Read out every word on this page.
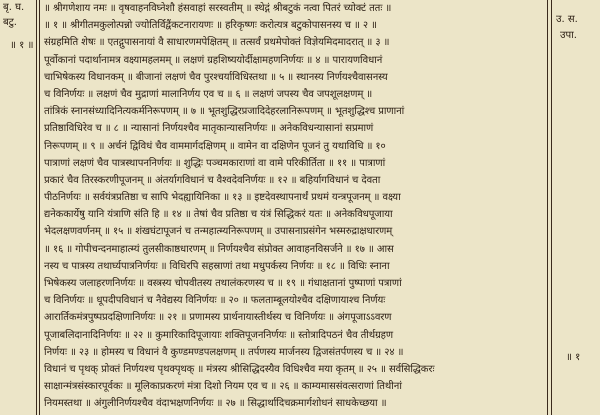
बृ. घ.
बटु.
॥ १ ॥
॥ श्रीगणेशाय नमः ॥ वृषवाहनविघ्नेशौ हंसवाहां सरस्वतीम् ॥ स्थेद्गं श्रीबटुकं नत्वा पितरं च्योक्टं ततः ॥
॥ १ ॥ श्रीगीतमकुलोत्पन्नो ज्योतिर्विद्वैंकटनारायणः ॥ हरिकृष्णः करोत्यत्र बटुकोपासनस्य च ॥ २ ॥
संग्रहमिति शेषः ॥ एतद्गुपासनायां वै साधारणमपेक्षितम् ॥ तत्सर्वं प्रथमेपोक्तं विज्ञेयमिदमादरात् ॥ ३ ॥
पूर्वोकानां पदार्थानामत्र वक्ष्यामहलमम् ॥ लक्षणं ग्रहशिष्ययोर्दीक्षामहणनिर्णयः ॥ ४ ॥ पारायणविधानं
चाभिषेकस्य विधानकम् ॥ बीजानां लक्षणं चैव पुरश्चर्याविधिस्तथा ॥ ५ ॥ स्थानस्य निर्णयश्चैवासनस्य
च विनिर्णयः ॥ लक्षणं चैव मुद्राणां मालानिर्णय एव च ॥ ६ ॥ लक्षणं जपस्य चैव जपशूलक्षणम् ॥
तांत्रिकं स्नानसंध्यादिनित्यकर्मनिरूपणम् ॥ ७ ॥ भूतशुद्धिरप्रजादिदेहरलानिरूपणम् ॥ भूतशुद्धिश्च प्राणानां
प्रतिष्ठाविधिरेव च ॥ ८ ॥ न्यासानां निर्णयश्चैव मातृकान्यासनिर्णयः ॥ अनेकविधन्यासानां सप्रमाणं
निरूपणम् ॥ ९ ॥ अर्चनं द्विविधं चैव वाममार्गदक्षिणम् ॥ वामेन वा दक्षिणेन पूजनं तु यथाविधि ॥ १०
पात्राणां लक्षणं चैव पात्रस्थापननिर्णयः ॥ शुद्धिः पञ्चमकाराणां वा वामे परिकीर्तिता ॥ ११ ॥ पात्राणां
प्रकारं चैव तिरस्करणीपूजनम् ॥ अंतर्यागविधानं च वैश्वदेवनिर्णयः ॥ १२ ॥ बहिर्यागविधानं च देवता
पीठनिर्णयः ॥ सर्वयंत्रप्रतिष्ठा च सापि भेदह्यायिनिका ॥ १३ ॥ इष्टदेवस्थापनार्थं प्रथमं यन्त्रपूजनम् ॥ वक्ष्या
द्यनेककार्येषु यानि यंत्राणि संति हि ॥ १४ ॥ तेषां चैव प्रतिष्ठा च यंत्रं सिद्धिकरं यतः ॥ अनेकविधपूजाया
भेदलक्षणवर्णनम् ॥ १५ ॥ शंखघंटापूजनं च तन्महात्म्यनिरूपणम् ॥ उपासनाप्रसंगेन भस्मरुद्राक्षधारणम्
॥ १६ ॥ गोपीचन्दनमाहात्म्यं तुलसीकाष्ठधारणम् ॥ निर्णयश्चैव संप्रोक्त आवाहनविसर्जने ॥ १७ ॥ आस
नस्य च पात्रस्य तथार्घ्यपात्रनिर्णयः ॥ विधिरपि सहस्राणां तथा मधुपर्कस्य निर्णयः ॥ १८ ॥ विधिः स्नाना
भिषेकस्य जलाहरणनिर्णयः ॥ वस्त्रस्य चोपवीतस्य तथालंकरणस्य च ॥ १९ ॥ गंधाक्षतानां पुष्पाणां पत्राणां
च विनिर्णयः ॥ धूपदीपविधानं च नैवेद्यस्य विनिर्णयः ॥ २० ॥ फलताम्बूलयोश्चैव दक्षिणायाश्च निर्णयः
आरार्तिकमंत्रपुष्पप्रदक्षिणानिर्णयः ॥ २१ ॥ प्रणामस्य प्रार्थनायास्तीर्थस्य च विनिर्णयः ॥ अंगपूजाऽऽवरण
पूजाबलिदानादिनिर्णयः ॥ २२ ॥ कुमारिकादिपूजायाः शक्तिपूजननिर्णयः ॥ स्तोत्रादिपठनं चैव तीर्थग्रहण
निर्णयः ॥ २३ ॥ होमस्य च विधानं वै कुण्डमण्डपलक्षणम् ॥ तर्पणस्य मार्जनस्य द्विजसंतर्पणस्य च ॥ २४ ॥
विधानं च पृथक् प्रोक्तं निर्णयश्च पृथक्पृथक् ॥ मंत्रस्य श्रीसिद्धिदस्यैव विधिश्चैव मया कृतम् ॥ २५ ॥ सर्वसिद्धिकरः
साक्षान्मंत्रसंस्कारपूर्वकः ॥ मूलिकाप्रकरणं मंत्रा दिशो नियम एव च ॥ २६ ॥ काम्यमाससंवत्सराणां तिथीनां
नियमस्तथा ॥ अंगुलीनिर्णयश्चैव वंदाभक्षणनिर्णयः ॥ २७ ॥ सिद्धार्थादिचक्रमार्गशोधनं साधकेच्छया ॥
उ. स.
उपा.
॥ १
